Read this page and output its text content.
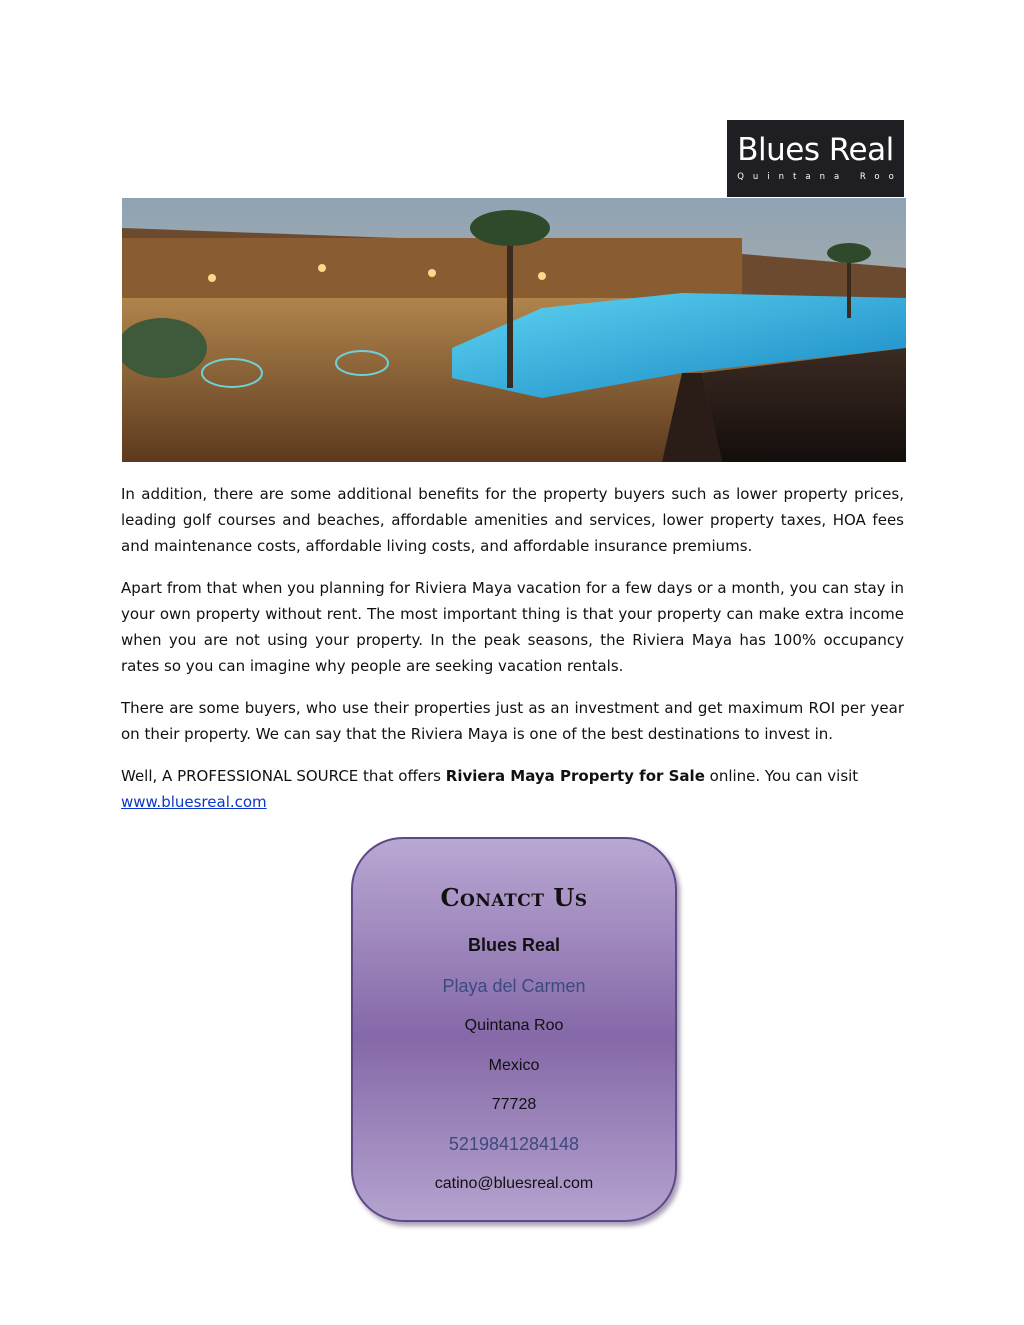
Blues Real
Quintana Roo

In addition, there are some additional benefits for the property buyers such as lower property prices, leading golf courses and beaches, affordable amenities and services, lower property taxes, HOA fees and maintenance costs, affordable living costs, and affordable insurance premiums.

Apart from that when you planning for Riviera Maya vacation for a few days or a month, you can stay in your own property without rent. The most important thing is that your property can make extra income when you are not using your property. In the peak seasons, the Riviera Maya has 100% occupancy rates so you can imagine why people are seeking vacation rentals.

There are some buyers, who use their properties just as an investment and get maximum ROI per year on their property. We can say that the Riviera Maya is one of the best destinations to invest in.

Well, A PROFESSIONAL SOURCE that offers Riviera Maya Property for Sale online. You can visit
www.bluesreal.com

Conatct Us
Blues Real
Playa del Carmen
Quintana Roo
Mexico
77728
5219841284148
catino@bluesreal.com
